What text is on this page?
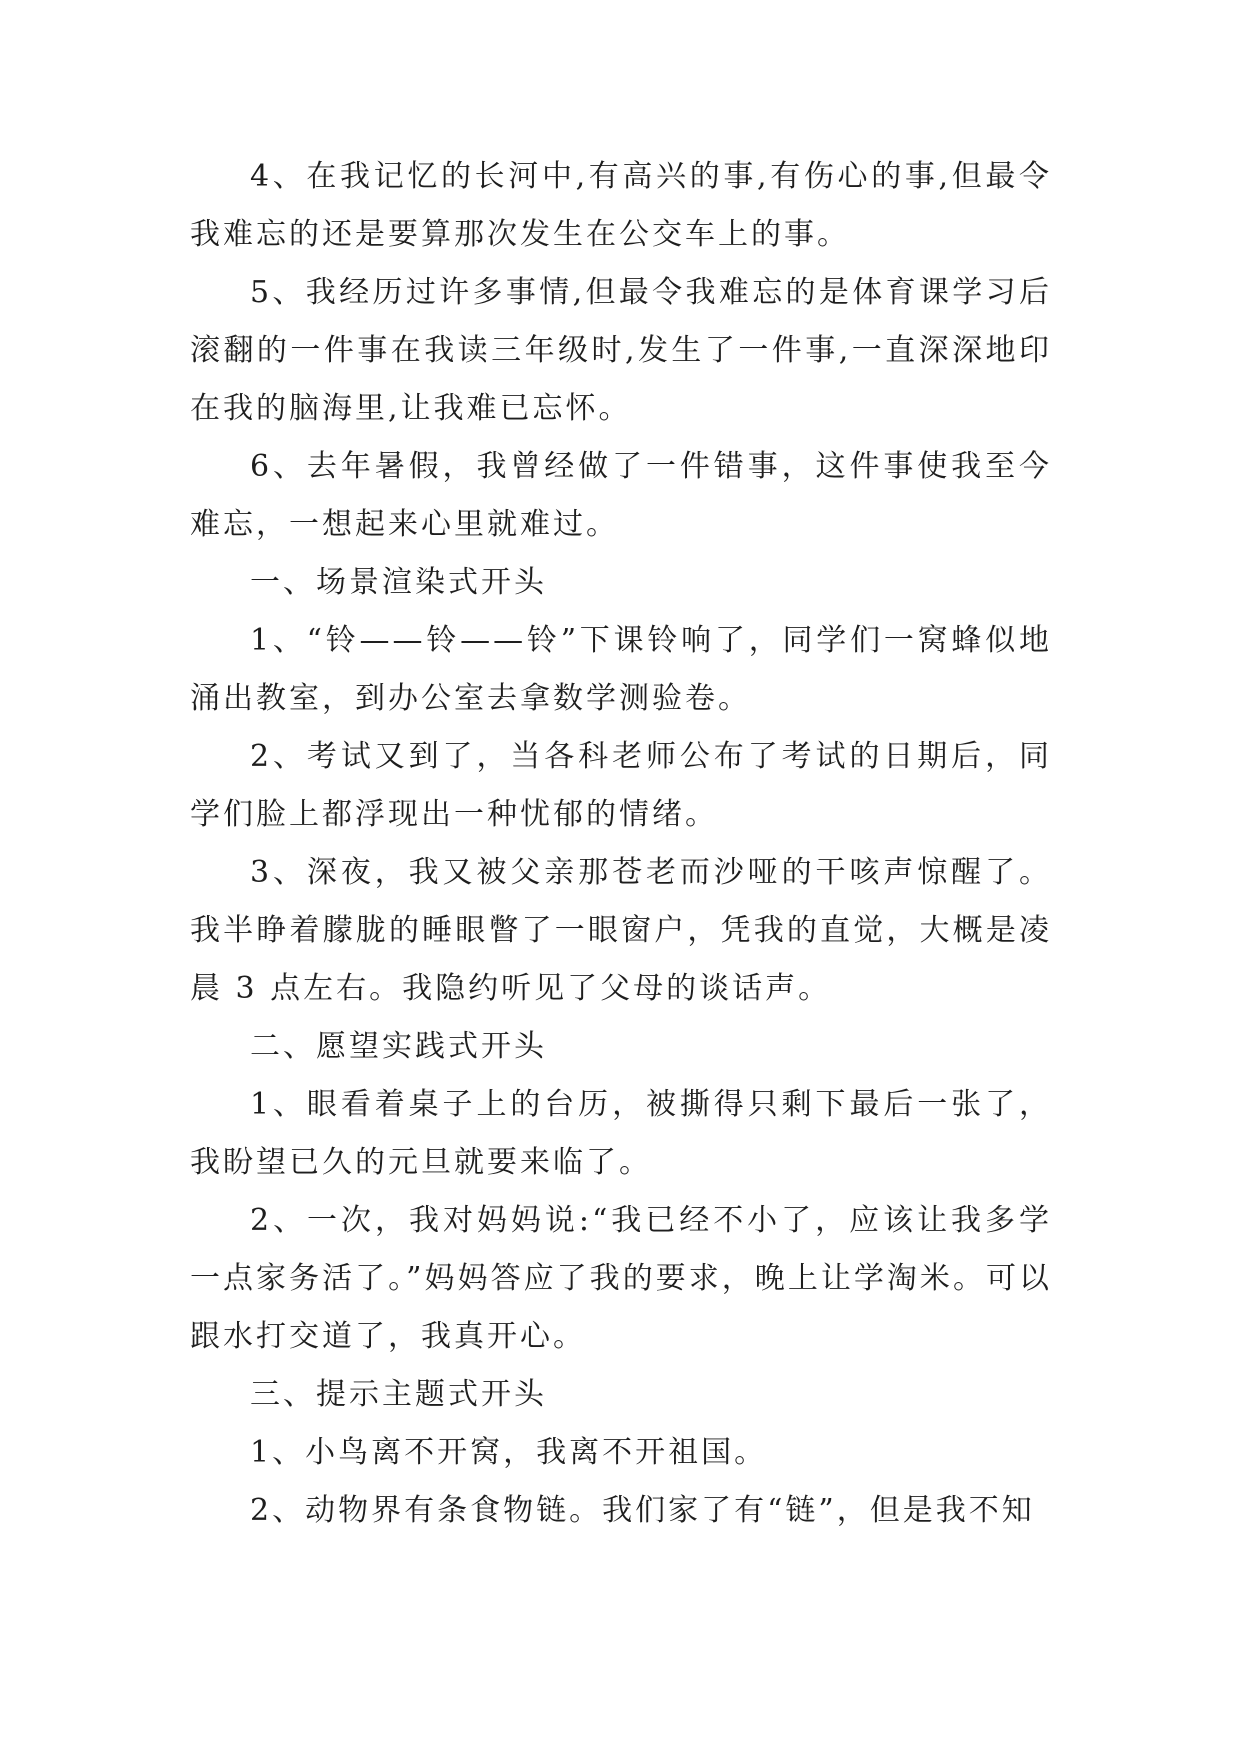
4、在我记忆的长河中,有高兴的事,有伤心的事,但最令我难忘的还是要算那次发生在公交车上的事。

5、我经历过许多事情,但最令我难忘的是体育课学习后滚翻的一件事在我读三年级时,发生了一件事,一直深深地印在我的脑海里,让我难已忘怀。

6、去年暑假，我曾经做了一件错事，这件事使我至今难忘，一想起来心里就难过。

一、场景渲染式开头

1、“铃——铃——铃”下课铃响了，同学们一窝蜂似地涌出教室，到办公室去拿数学测验卷。

2、考试又到了，当各科老师公布了考试的日期后，同学们脸上都浮现出一种忧郁的情绪。

3、深夜，我又被父亲那苍老而沙哑的干咳声惊醒了。我半睁着朦胧的睡眼瞥了一眼窗户，凭我的直觉，大概是凌晨 3 点左右。我隐约听见了父母的谈话声。

二、愿望实践式开头

1、眼看着桌子上的台历，被撕得只剩下最后一张了，我盼望已久的元旦就要来临了。

2、一次，我对妈妈说:“我已经不小了，应该让我多学一点家务活了。”妈妈答应了我的要求，晚上让学淘米。可以跟水打交道了，我真开心。

三、提示主题式开头

1、小鸟离不开窝，我离不开祖国。

2、动物界有条食物链。我们家了有“链”，但是我不知
